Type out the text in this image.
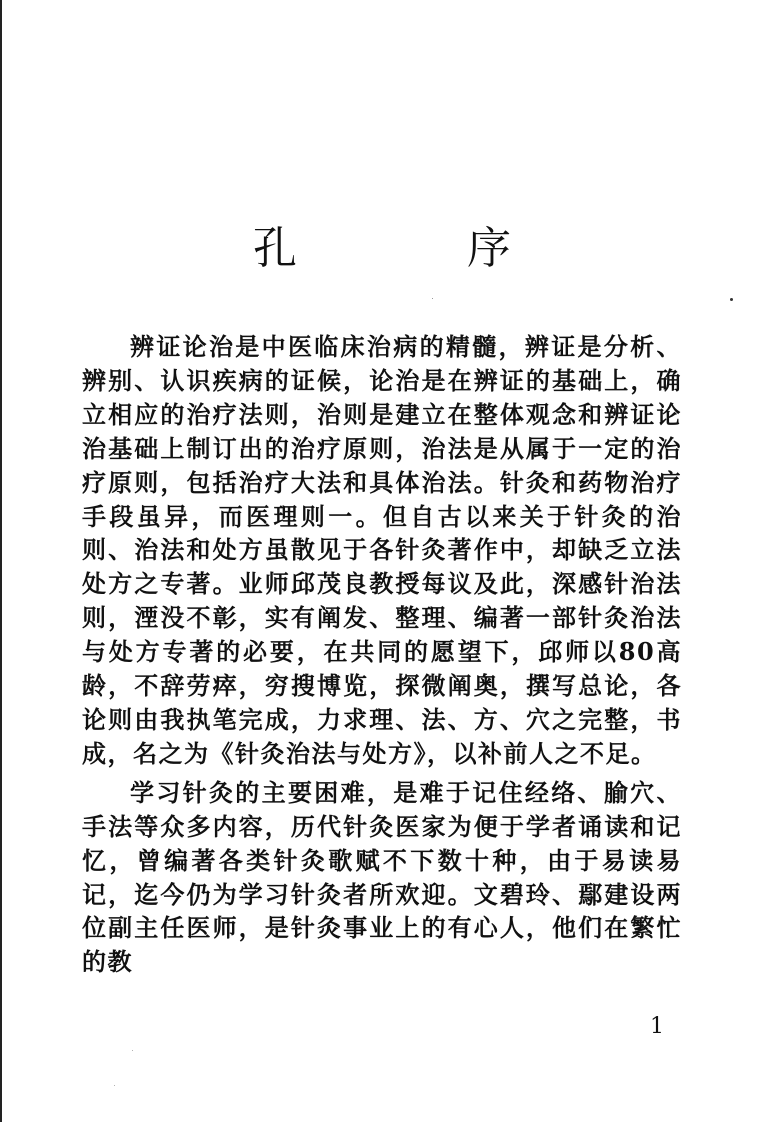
孔 序

辨证论治是中医临床治病的精髓，辨证是分析、辨别、认识疾病的证候，论治是在辨证的基础上，确立相应的治疗法则，治则是建立在整体观念和辨证论治基础上制订出的治疗原则，治法是从属于一定的治疗原则，包括治疗大法和具体治法。针灸和药物治疗手段虽异，而医理则一。但自古以来关于针灸的治则、治法和处方虽散见于各针灸著作中，却缺乏立法处方之专著。业师邱茂良教授每议及此，深感针治法则，湮没不彰，实有阐发、整理、编著一部针灸治法与处方专著的必要，在共同的愿望下，邱师以80高龄，不辞劳瘁，穷搜博览，探微阐奥，撰写总论，各论则由我执笔完成，力求理、法、方、穴之完整，书成，名之为《针灸治法与处方》，以补前人之不足。

学习针灸的主要困难，是难于记住经络、腧穴、手法等众多内容，历代针灸医家为便于学者诵读和记忆，曾编著各类针灸歌赋不下数十种，由于易读易记，迄今仍为学习针灸者所欢迎。文碧玲、鄢建设两位副主任医师，是针灸事业上的有心人，他们在繁忙的教

1
